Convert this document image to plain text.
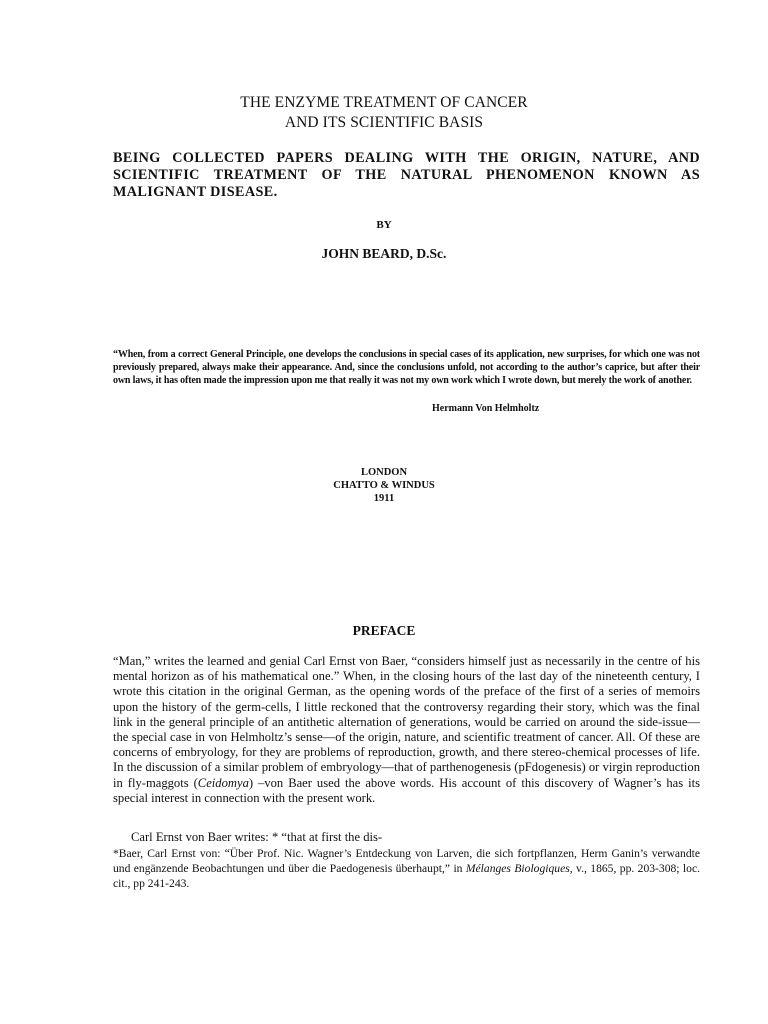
THE ENZYME TREATMENT OF CANCER
AND ITS SCIENTIFIC BASIS
BEING COLLECTED PAPERS DEALING WITH THE ORIGIN, NATURE, AND SCIENTIFIC TREATMENT OF THE NATURAL PHENOMENON KNOWN AS MALIGNANT DISEASE.
BY
JOHN BEARD, D.Sc.
“When, from a correct General Principle, one develops the conclusions in special cases of its application, new surprises, for which one was not previously prepared, always make their appearance. And, since the conclusions unfold, not according to the author’s caprice, but after their own laws, it has often made the impression upon me that really it was not my own work which I wrote down, but merely the work of another.
Hermann Von Helmholtz
LONDON
CHATTO & WINDUS
1911
PREFACE

“Man,” writes the learned and genial Carl Ernst von Baer, “considers himself just as necessarily in the centre of his mental horizon as of his mathematical one.” When, in the closing hours of the last day of the nineteenth century, I wrote this citation in the original German, as the opening words of the preface of the first of a series of memoirs upon the history of the germ-cells, I little reckoned that the controversy regarding their story, which was the final link in the general principle of an antithetic alternation of generations, would be carried on around the side-issue—the special case in von Helmholtz’s sense—of the origin, nature, and scientific treatment of cancer. All. Of these are concerns of embryology, for they are problems of reproduction, growth, and there stereo-chemical processes of life. In the discussion of a similar problem of embryology—that of parthenogenesis (pFdogenesis) or virgin reproduction in fly-maggots (Ceidomya) –von Baer used the above words. His account of this discovery of Wagner’s has its special interest in connection with the present work.

Carl Ernst von Baer writes: * “that at first the dis-
*Baer, Carl Ernst von: “Über Prof. Nic. Wagner’s Entdeckung von Larven, die sich fortpflanzen, Herm Ganin’s verwandte und engänzende Beobachtungen und über die Paedogenesis überhaupt,” in Mélanges Biologiques, v., 1865, pp. 203-308; loc. cit., pp 241-243.
